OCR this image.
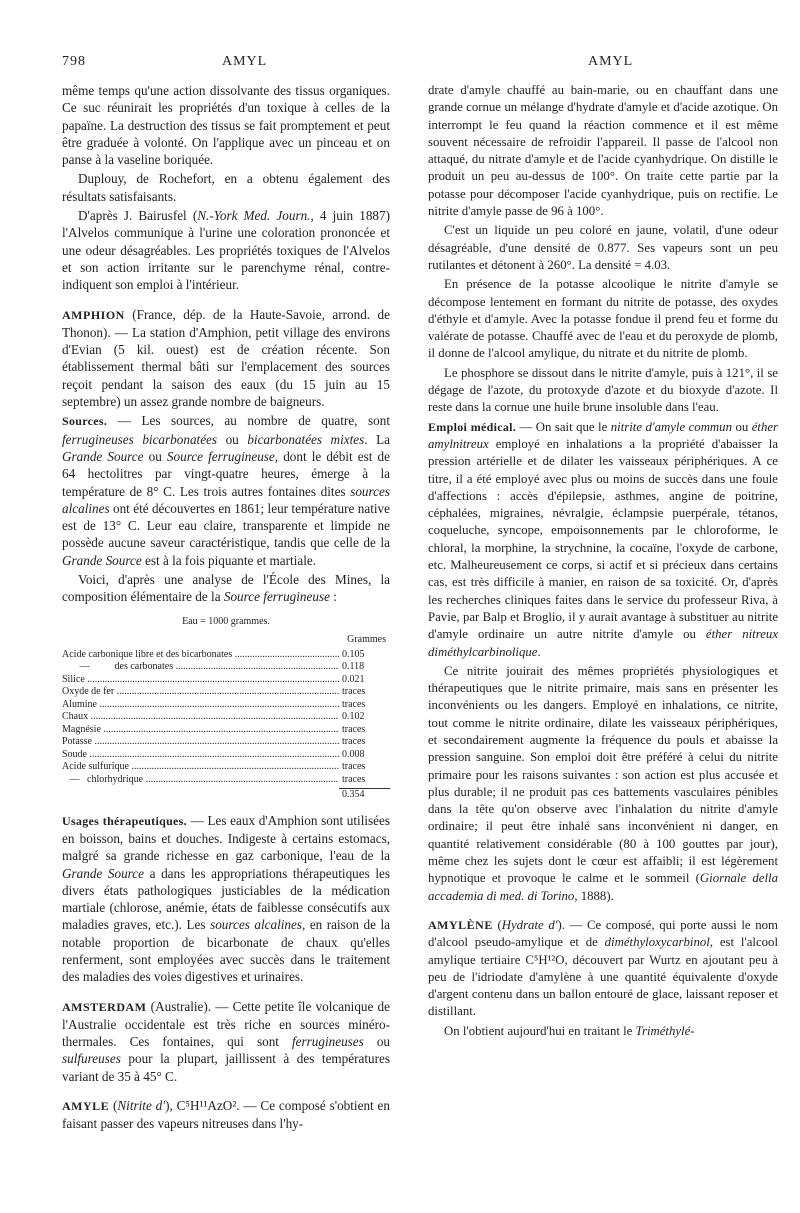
798	AMYL	AMYL

même temps qu'une action dissolvante des tissus organiques. Ce suc réunirait les propriétés d'un toxique à celles de la papaïne. La destruction des tissus se fait promptement et peut être graduée à volonté. On l'applique avec un pinceau et on panse à la vaseline boriquée.

Duplouy, de Rochefort, en a obtenu également des résultats satisfaisants.

D'après J. Bairusfel (N.-York Med. Journ., 4 juin 1887) l'Alvelos communique à l'urine une coloration prononcée et une odeur désagréables. Les propriétés toxiques de l'Alvelos et son action irritante sur le parenchyme rénal, contre-indiquent son emploi à l'intérieur.

AMPHION (France, dép. de la Haute-Savoie, arrond. de Thonon). — La station d'Amphion, petit village des environs d'Evian (5 kil. ouest) est de création récente. Son établissement thermal bâti sur l'emplacement des sources reçoit pendant la saison des eaux (du 15 juin au 15 septembre) un assez grande nombre de baigneurs.

Sources. — Les sources, au nombre de quatre, sont ferrugineuses bicarbonatées ou bicarbonatées mixtes. La Grande Source ou Source ferrugineuse, dont le débit est de 64 hectolitres par vingt-quatre heures, émerge à la température de 8° C. Les trois autres fontaines dites sources alcalines ont été découvertes en 1861; leur température native est de 13° C. Leur eau claire, transparente et limpide ne possède aucune saveur caractéristique, tandis que celle de la Grande Source est à la fois piquante et martiale.

Voici, d'après une analyse de l'École des Mines, la composition élémentaire de la Source ferrugineuse :

Eau = 1000 grammes.
Grammes
Acide carbonique libre et des bicarbonates .....	0.105
—          des carbonates .....	0.118
Silice .....	0.021
Oxyde de fer .....	traces
Alumine .....	traces
Chaux .....	0.102
Magnésie .....	traces
Potasse .....	traces
Soude .....	0.008
Acide sulfurique .....	traces
—   chlorhydrique .....	traces
0.354

Usages thérapeutiques. — Les eaux d'Amphion sont utilisées en boisson, bains et douches. Indigeste à certains estomacs, malgré sa grande richesse en gaz carbonique, l'eau de la Grande Source a dans les appropriations thérapeutiques les divers états pathologiques justiciables de la médication martiale (chlorose, anémie, états de faiblesse consécutifs aux maladies graves, etc.). Les sources alcalines, en raison de la notable proportion de bicarbonate de chaux qu'elles renferment, sont employées avec succès dans le traitement des maladies des voies digestives et urinaires.

AMSTERDAM (Australie). — Cette petite île volcanique de l'Australie occidentale est très riche en sources minéro-thermales. Ces fontaines, qui sont ferrugineuses ou sulfureuses pour la plupart, jaillissent à des températures variant de 35 à 45° C.

AMYLE (Nitrite d'), C⁵H¹¹AzO². — Ce composé s'obtient en faisant passer des vapeurs nitreuses dans l'hy-

drate d'amyle chauffé au bain-marie, ou en chauffant dans une grande cornue un mélange d'hydrate d'amyle et d'acide azotique. On interrompt le feu quand la réaction commence et il est même souvent nécessaire de refroidir l'appareil. Il passe de l'alcool non attaqué, du nitrate d'amyle et de l'acide cyanhydrique. On distille le produit un peu au-dessus de 100°. On traite cette partie par la potasse pour décomposer l'acide cyanhydrique, puis on rectifie. Le nitrite d'amyle passe de 96 à 100°.

C'est un liquide un peu coloré en jaune, volatil, d'une odeur désagréable, d'une densité de 0.877. Ses vapeurs sont un peu rutilantes et détonent à 260°. La densité = 4.03.

En présence de la potasse alcoolique le nitrite d'amyle se décompose lentement en formant du nitrite de potasse, des oxydes d'éthyle et d'amyle. Avec la potasse fondue il prend feu et forme du valérate de potasse. Chauffé avec de l'eau et du peroxyde de plomb, il donne de l'alcool amylique, du nitrate et du nitrite de plomb.

Le phosphore se dissout dans le nitrite d'amyle, puis à 121°, il se dégage de l'azote, du protoxyde d'azote et du bioxyde d'azote. Il reste dans la cornue une huile brune insoluble dans l'eau.

Emploi médical. — On sait que le nitrite d'amyle commun ou éther amylnitreux employé en inhalations a la propriété d'abaisser la pression artérielle et de dilater les vaisseaux périphériques. A ce titre, il a été employé avec plus ou moins de succès dans une foule d'affections : accès d'épilepsie, asthmes, angine de poitrine, céphalées, migraines, névralgie, éclampsie puerpérale, tétanos, coqueluche, syncope, empoisonnements par le chloroforme, le chloral, la morphine, la strychnine, la cocaïne, l'oxyde de carbone, etc. Malheureusement ce corps, si actif et si précieux dans certains cas, est très difficile à manier, en raison de sa toxicité. Or, d'après les recherches cliniques faites dans le service du professeur Riva, à Pavie, par Balp et Broglio, il y aurait avantage à substituer au nitrite d'amyle ordinaire un autre nitrite d'amyle ou éther nitreux diméthylcarbinolique.

Ce nitrite jouirait des mêmes propriétés physiologiques et thérapeutiques que le nitrite primaire, mais sans en présenter les inconvénients ou les dangers. Employé en inhalations, ce nitrite, tout comme le nitrite ordinaire, dilate les vaisseaux périphériques, et secondairement augmente la fréquence du pouls et abaisse la pression sanguine. Son emploi doit être préféré à celui du nitrite primaire pour les raisons suivantes : son action est plus accusée et plus durable; il ne produit pas ces battements vasculaires pénibles dans la tête qu'on observe avec l'inhalation du nitrite d'amyle ordinaire; il peut être inhalé sans inconvénient ni danger, en quantité relativement considérable (80 à 100 gouttes par jour), même chez les sujets dont le cœur est affaibli; il est légèrement hypnotique et provoque le calme et le sommeil (Giornale della accademia di med. di Torino, 1888).

AMYLÈNE (Hydrate d'). — Ce composé, qui porte aussi le nom d'alcool pseudo-amylique et de diméthyloxycarbinol, est l'alcool amylique tertiaire C⁵H¹²O, découvert par Wurtz en ajoutant peu à peu de l'idriodate d'amylène à une quantité équivalente d'oxyde d'argent contenu dans un ballon entouré de glace, laissant reposer et distillant.

On l'obtient aujourd'hui en traitant le Triméthylé-
